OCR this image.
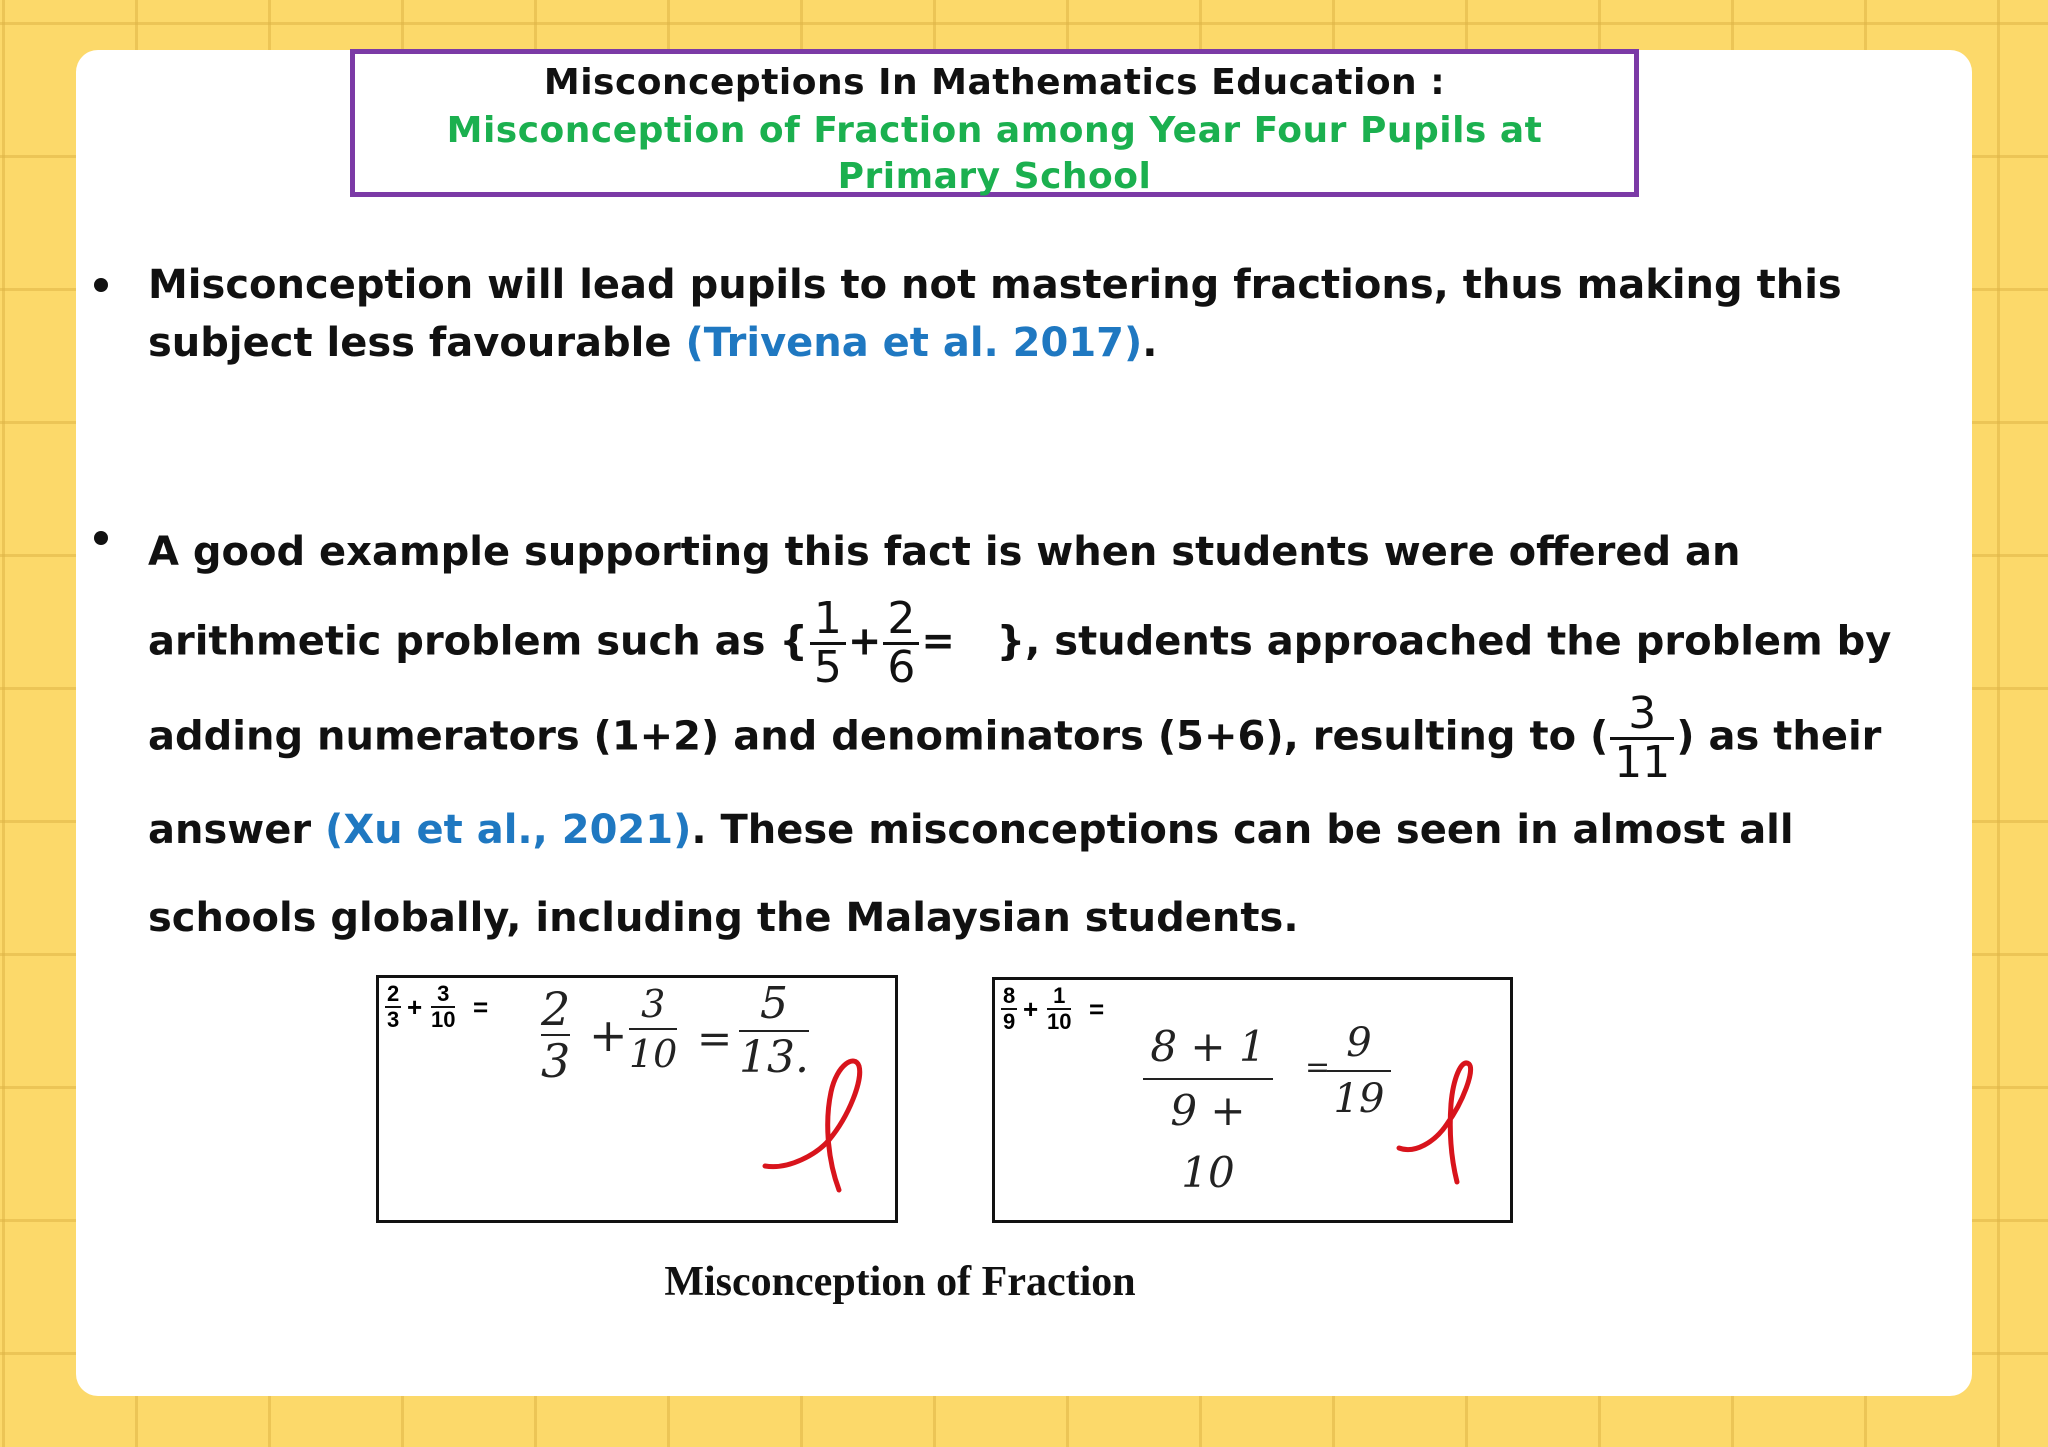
Misconceptions In Mathematics Education :
Misconception of Fraction among Year Four Pupils at Primary School
Misconception will lead pupils to not mastering fractions, thus making this subject less favourable (Trivena et al. 2017).
A good example supporting this fact is when students were offered an arithmetic problem such as { $\frac{1}{5} + \frac{2}{6}$ = }, students approached the problem by adding numerators (1+2) and denominators (5+6), resulting to ( $\frac{3}{11}$ ) as their answer (Xu et al., 2021). These misconceptions can be seen in almost all schools globally, including the Malaysian students.
$\frac{2}{3} + \frac{3}{10} = 2$
3 +
3
10 =
5
13.
$\frac{8}{9} + \frac{1}{10}$ =
8 + 1
9 + 10
=
9
19
Misconception of Fraction
